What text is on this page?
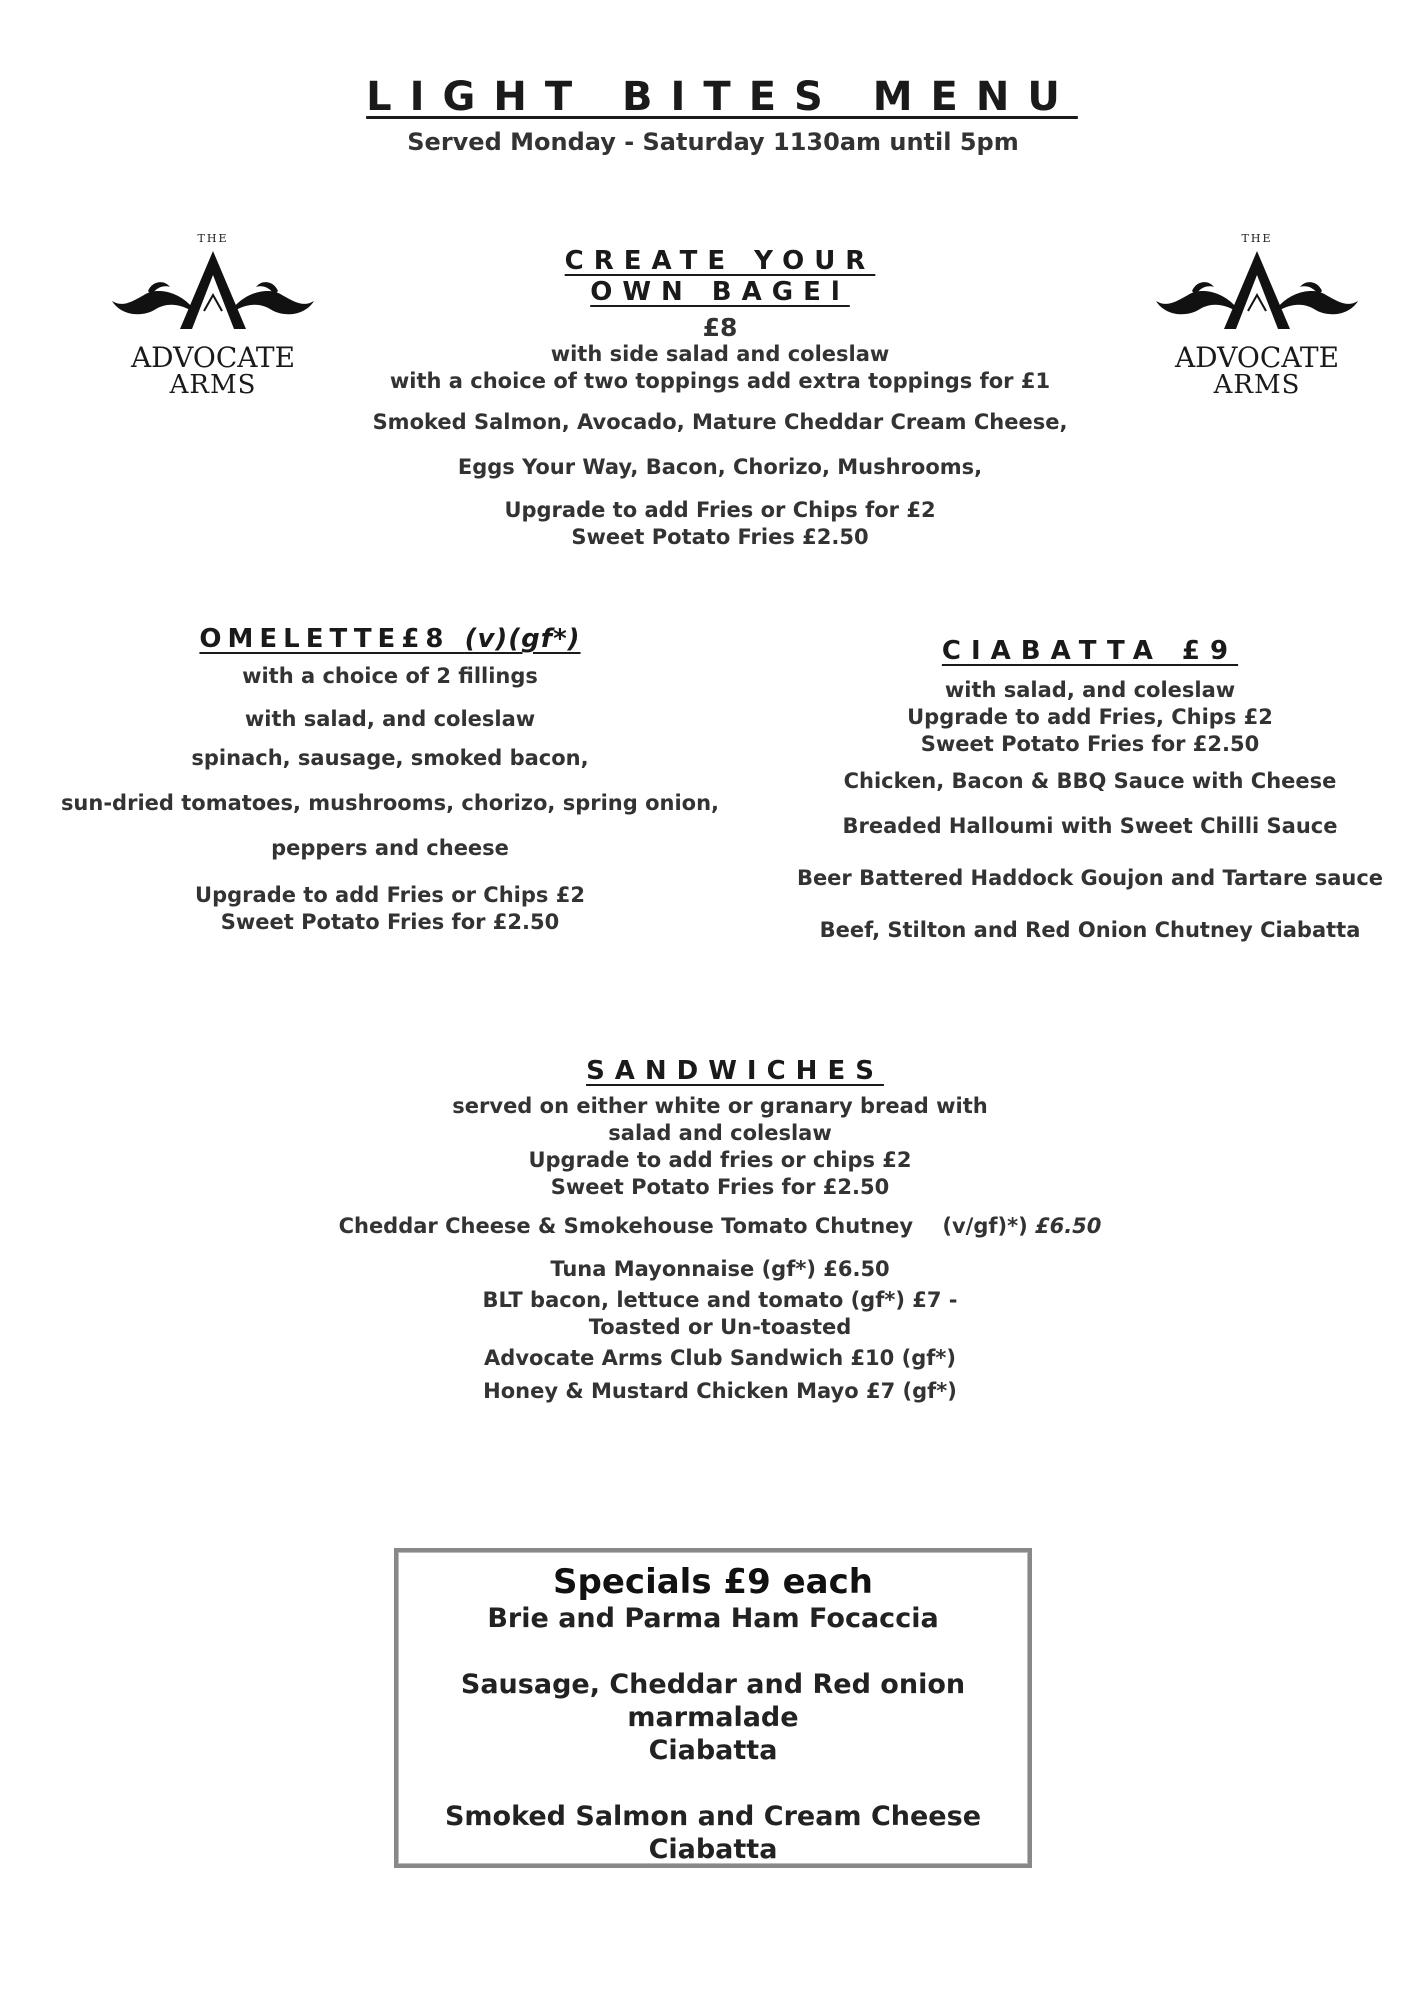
LIGHT BITES MENU
Served Monday - Saturday 1130am until 5pm
THE
ADVOCATE
ARMS
THE
ADVOCATE
ARMS
CREATE YOUR
OWN BAGEl
£8
with side salad and coleslaw
with a choice of two toppings add extra toppings for £1
Smoked Salmon, Avocado, Mature Cheddar Cream Cheese,
Eggs Your Way, Bacon, Chorizo, Mushrooms,
Upgrade to add Fries or Chips for £2
Sweet Potato Fries £2.50
OMELETTE£8 (v)(gf*)
with a choice of 2 fillings
with salad, and coleslaw
spinach, sausage, smoked bacon,
sun-dried tomatoes, mushrooms, chorizo, spring onion,
peppers and cheese
Upgrade to add Fries or Chips £2
Sweet Potato Fries for £2.50
CIABATTA £9
with salad, and coleslaw
Upgrade to add Fries, Chips £2
Sweet Potato Fries for £2.50
Chicken, Bacon & BBQ Sauce with Cheese
Breaded Halloumi with Sweet Chilli Sauce
Beer Battered Haddock Goujon and Tartare sauce
Beef, Stilton and Red Onion Chutney Ciabatta
SANDWICHES
served on either white or granary bread with
salad and coleslaw
Upgrade to add fries or chips £2
Sweet Potato Fries for £2.50
Cheddar Cheese & Smokehouse Tomato Chutney (v/gf)*) £6.50
Tuna Mayonnaise (gf*) £6.50
BLT bacon, lettuce and tomato (gf*) £7 -
Toasted or Un-toasted
Advocate Arms Club Sandwich £10 (gf*)
Honey & Mustard Chicken Mayo £7 (gf*)
Specials £9 each
Brie and Parma Ham Focaccia
Sausage, Cheddar and Red onion marmalade
Ciabatta
Smoked Salmon and Cream Cheese
Ciabatta
